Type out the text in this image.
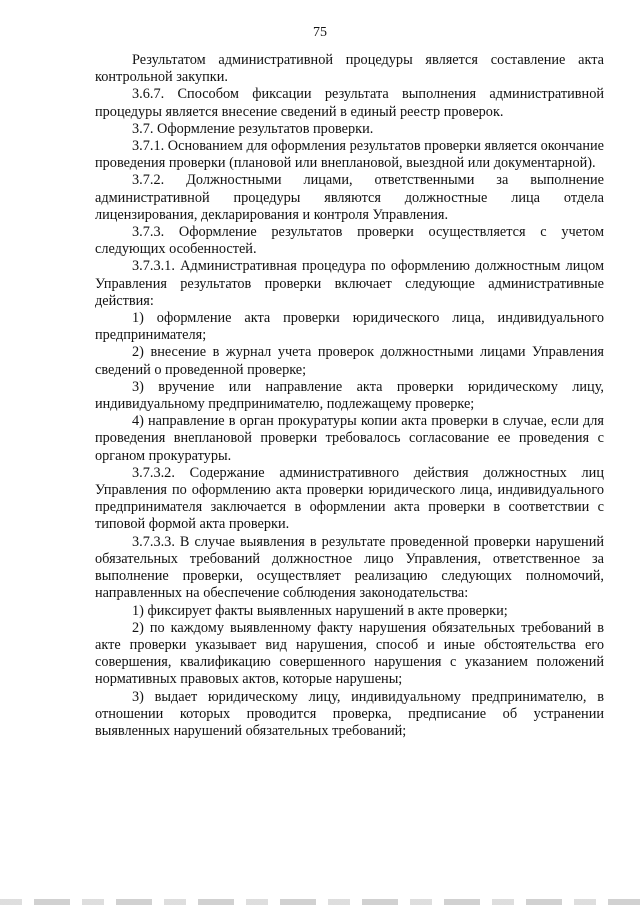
75

Результатом административной процедуры является составление акта контрольной закупки.

3.6.7. Способом фиксации результата выполнения административной процедуры является внесение сведений в единый реестр проверок.

3.7. Оформление результатов проверки.

3.7.1. Основанием для оформления результатов проверки является окончание проведения проверки (плановой или внеплановой, выездной или документарной).

3.7.2. Должностными лицами, ответственными за выполнение административной процедуры являются должностные лица отдела лицензирования, декларирования и контроля Управления.

3.7.3. Оформление результатов проверки осуществляется с учетом следующих особенностей.

3.7.3.1. Административная процедура по оформлению должностным лицом Управления результатов проверки включает следующие административные действия:

1) оформление акта проверки юридического лица, индивидуального предпринимателя;

2) внесение в журнал учета проверок должностными лицами Управления сведений о проведенной проверке;

3) вручение или направление акта проверки юридическому лицу, индивидуальному предпринимателю, подлежащему проверке;

4) направление в орган прокуратуры копии акта проверки в случае, если для проведения внеплановой проверки требовалось согласование ее проведения с органом прокуратуры.

3.7.3.2. Содержание административного действия должностных лиц Управления по оформлению акта проверки юридического лица, индивидуального предпринимателя заключается в оформлении акта проверки в соответствии с типовой формой акта проверки.

3.7.3.3. В случае выявления в результате проведенной проверки нарушений обязательных требований должностное лицо Управления, ответственное за выполнение проверки, осуществляет реализацию следующих полномочий, направленных на обеспечение соблюдения законодательства:

1) фиксирует факты выявленных нарушений в акте проверки;

2) по каждому выявленному факту нарушения обязательных требований в акте проверки указывает вид нарушения, способ и иные обстоятельства его совершения, квалификацию совершенного нарушения с указанием положений нормативных правовых актов, которые нарушены;

3) выдает юридическому лицу, индивидуальному предпринимателю, в отношении которых проводится проверка, предписание об устранении выявленных нарушений обязательных требований;
